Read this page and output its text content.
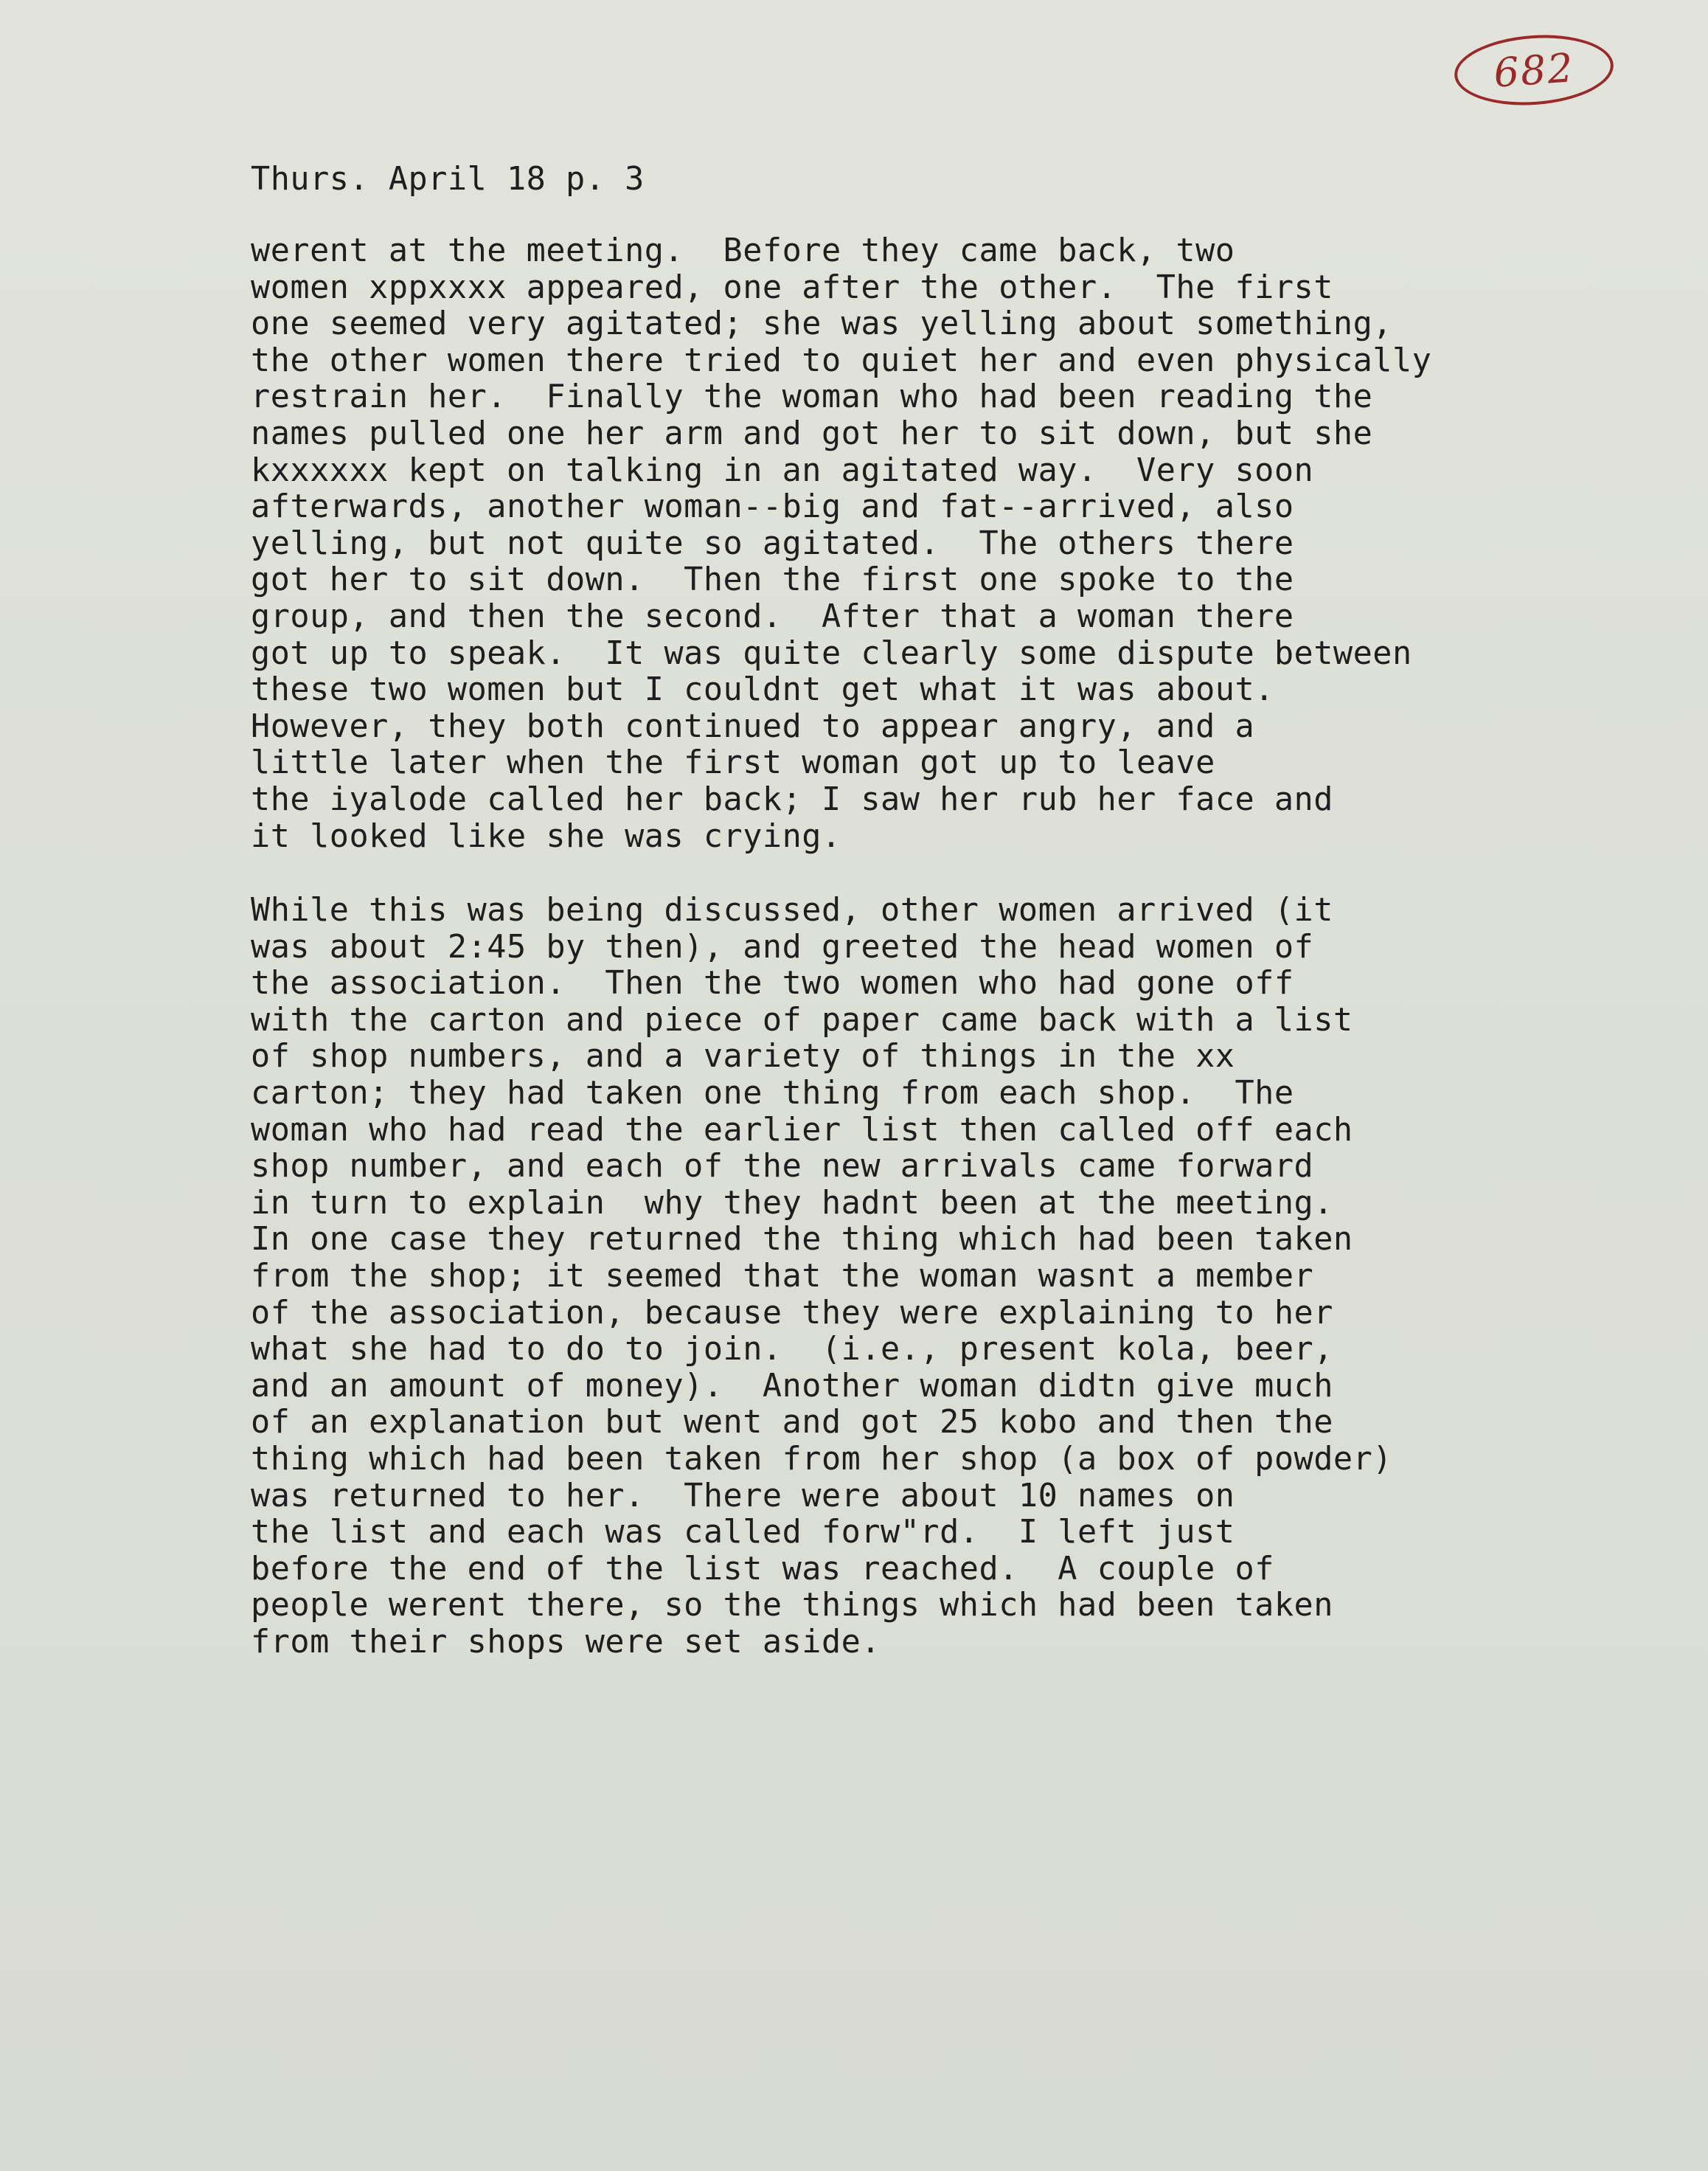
682
Thurs. April 18 p. 3
werent at the meeting.  Before they came back, two
women xppxxxx appeared, one after the other.  The first
one seemed very agitated; she was yelling about something,
the other women there tried to quiet her and even physically
restrain her.  Finally the woman who had been reading the
names pulled one her arm and got her to sit down, but she
kxxxxxx kept on talking in an agitated way.  Very soon
afterwards, another woman--big and fat--arrived, also
yelling, but not quite so agitated.  The others there
got her to sit down.  Then the first one spoke to the
group, and then the second.  After that a woman there
got up to speak.  It was quite clearly some dispute between
these two women but I couldnt get what it was about.
However, they both continued to appear angry, and a
little later when the first woman got up to leave
the iyalode called her back; I saw her rub her face and
it looked like she was crying.
While this was being discussed, other women arrived (it
was about 2:45 by then), and greeted the head women of
the association.  Then the two women who had gone off
with the carton and piece of paper came back with a list
of shop numbers, and a variety of things in the xx
carton; they had taken one thing from each shop.  The
woman who had read the earlier list then called off each
shop number, and each of the new arrivals came forward
in turn to explain  why they hadnt been at the meeting.
In one case they returned the thing which had been taken
from the shop; it seemed that the woman wasnt a member
of the association, because they were explaining to her
what she had to do to join.  (i.e., present kola, beer,
and an amount of money).  Another woman didtn give much
of an explanation but went and got 25 kobo and then the
thing which had been taken from her shop (a box of powder)
was returned to her.  There were about 10 names on
the list and each was called forw"rd.  I left just
before the end of the list was reached.  A couple of
people werent there, so the things which had been taken
from their shops were set aside.
